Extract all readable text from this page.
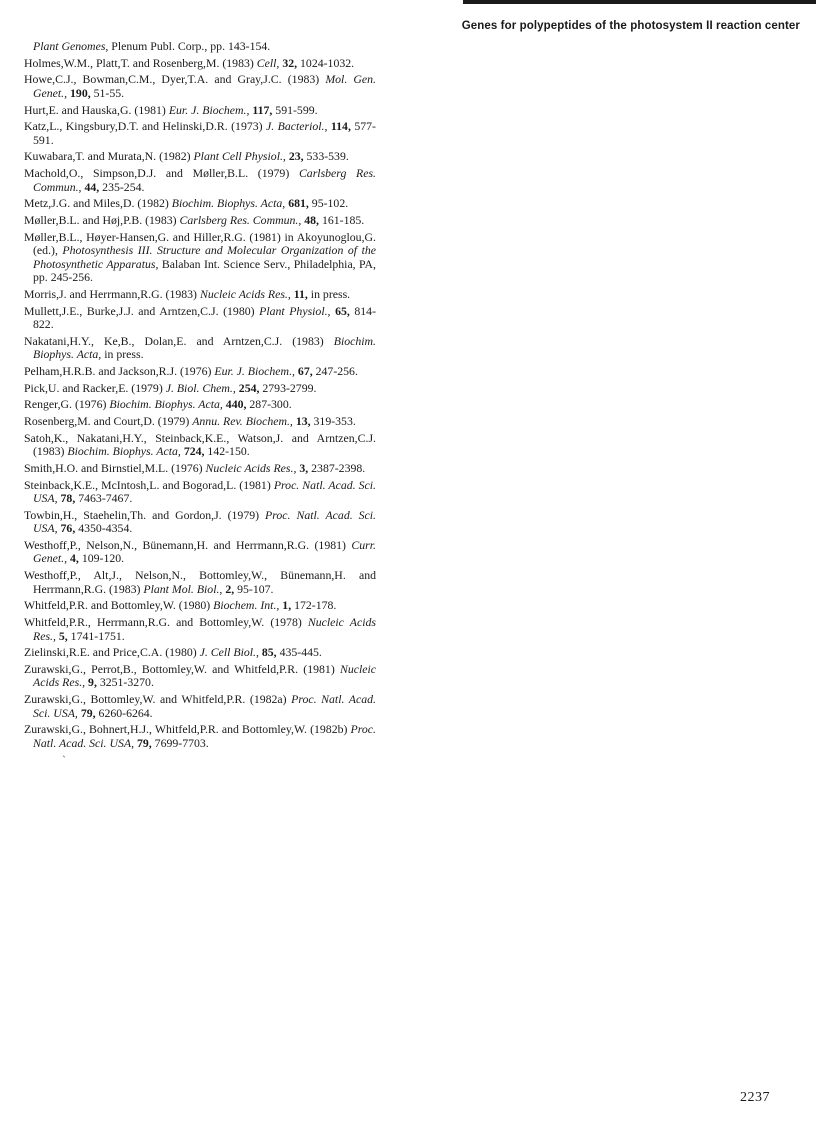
Genes for polypeptides of the photosystem II reaction center
Plant Genomes, Plenum Publ. Corp., pp. 143-154.
Holmes,W.M., Platt,T. and Rosenberg,M. (1983) Cell, 32, 1024-1032.
Howe,C.J., Bowman,C.M., Dyer,T.A. and Gray,J.C. (1983) Mol. Gen. Genet., 190, 51-55.
Hurt,E. and Hauska,G. (1981) Eur. J. Biochem., 117, 591-599.
Katz,L., Kingsbury,D.T. and Helinski,D.R. (1973) J. Bacteriol., 114, 577-591.
Kuwabara,T. and Murata,N. (1982) Plant Cell Physiol., 23, 533-539.
Machold,O., Simpson,D.J. and Møller,B.L. (1979) Carlsberg Res. Commun., 44, 235-254.
Metz,J.G. and Miles,D. (1982) Biochim. Biophys. Acta, 681, 95-102.
Møller,B.L. and Høj,P.B. (1983) Carlsberg Res. Commun., 48, 161-185.
Møller,B.L., Høyer-Hansen,G. and Hiller,R.G. (1981) in Akoyunoglou,G. (ed.), Photosynthesis III. Structure and Molecular Organization of the Photosynthetic Apparatus, Balaban Int. Science Serv., Philadelphia, PA, pp. 245-256.
Morris,J. and Herrmann,R.G. (1983) Nucleic Acids Res., 11, in press.
Mullett,J.E., Burke,J.J. and Arntzen,C.J. (1980) Plant Physiol., 65, 814-822.
Nakatani,H.Y., Ke,B., Dolan,E. and Arntzen,C.J. (1983) Biochim. Biophys. Acta, in press.
Pelham,H.R.B. and Jackson,R.J. (1976) Eur. J. Biochem., 67, 247-256.
Pick,U. and Racker,E. (1979) J. Biol. Chem., 254, 2793-2799.
Renger,G. (1976) Biochim. Biophys. Acta, 440, 287-300.
Rosenberg,M. and Court,D. (1979) Annu. Rev. Biochem., 13, 319-353.
Satoh,K., Nakatani,H.Y., Steinback,K.E., Watson,J. and Arntzen,C.J. (1983) Biochim. Biophys. Acta, 724, 142-150.
Smith,H.O. and Birnstiel,M.L. (1976) Nucleic Acids Res., 3, 2387-2398.
Steinback,K.E., McIntosh,L. and Bogorad,L. (1981) Proc. Natl. Acad. Sci. USA, 78, 7463-7467.
Towbin,H., Staehelin,Th. and Gordon,J. (1979) Proc. Natl. Acad. Sci. USA, 76, 4350-4354.
Westhoff,P., Nelson,N., Bünemann,H. and Herrmann,R.G. (1981) Curr. Genet., 4, 109-120.
Westhoff,P., Alt,J., Nelson,N., Bottomley,W., Bünemann,H. and Herrmann,R.G. (1983) Plant Mol. Biol., 2, 95-107.
Whitfeld,P.R. and Bottomley,W. (1980) Biochem. Int., 1, 172-178.
Whitfeld,P.R., Herrmann,R.G. and Bottomley,W. (1978) Nucleic Acids Res., 5, 1741-1751.
Zielinski,R.E. and Price,C.A. (1980) J. Cell Biol., 85, 435-445.
Zurawski,G., Perrot,B., Bottomley,W. and Whitfeld,P.R. (1981) Nucleic Acids Res., 9, 3251-3270.
Zurawski,G., Bottomley,W. and Whitfeld,P.R. (1982a) Proc. Natl. Acad. Sci. USA, 79, 6260-6264.
Zurawski,G., Bohnert,H.J., Whitfeld,P.R. and Bottomley,W. (1982b) Proc. Natl. Acad. Sci. USA, 79, 7699-7703.
`
2237
